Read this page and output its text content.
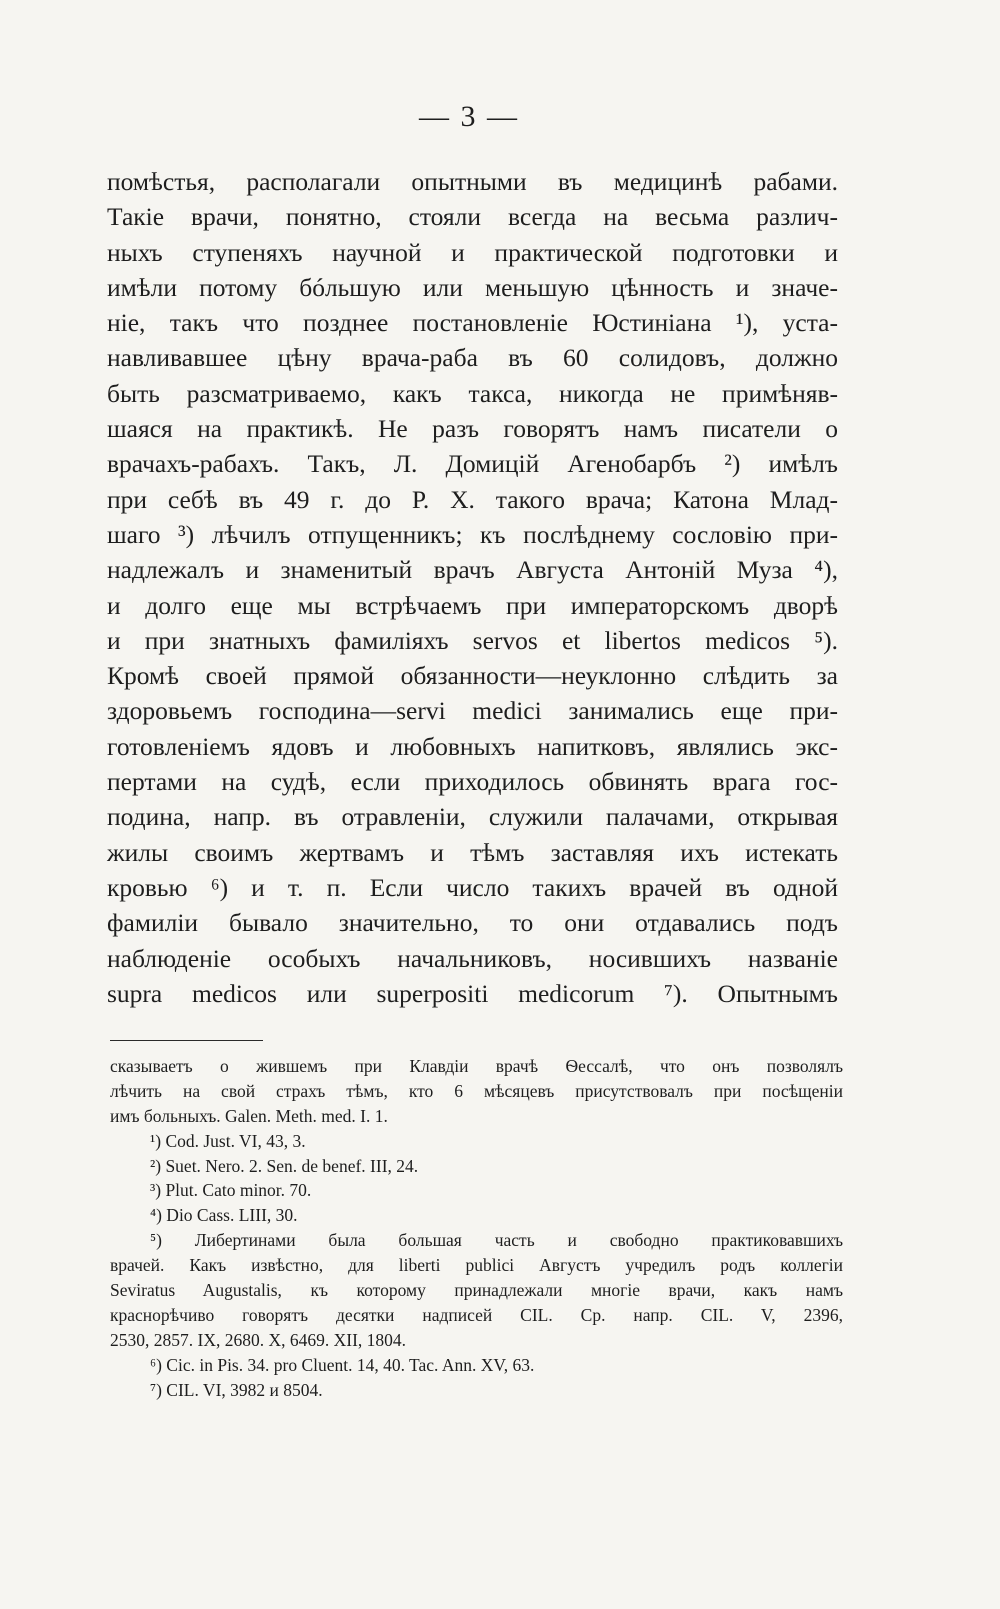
— 3 —
помѣстья, располагали опытными въ медицинѣ рабами.
Такіе врачи, понятно, стояли всегда на весьма различ-
ныхъ ступеняхъ научной и практической подготовки и
имѣли потому бóльшую или меньшую цѣнность и значе-
ніе, такъ что позднее постановленіе Юстиніана ¹), уста-
навливавшее цѣну врача-раба въ 60 солидовъ, должно
быть разсматриваемо, какъ такса, никогда не примѣняв-
шаяся на практикѣ. Не разъ говорятъ намъ писатели о
врачахъ-рабахъ. Такъ, Л. Домицій Агенобарбъ ²) имѣлъ
при себѣ въ 49 г. до Р. Х. такого врача; Катона Млад-
шаго ³) лѣчилъ отпущенникъ; къ послѣднему сословію при-
надлежалъ и знаменитый врачъ Августа Антоній Муза ⁴),
и долго еще мы встрѣчаемъ при императорскомъ дворѣ
и при знатныхъ фамиліяхъ servos et libertos medicos ⁵).
Кромѣ своей прямой обязанности—неуклонно слѣдить за
здоровьемъ господина—servi medici занимались еще при-
готовленіемъ ядовъ и любовныхъ напитковъ, являлись экс-
пертами на судѣ, если приходилось обвинять врага гос-
подина, напр. въ отравленіи, служили палачами, открывая
жилы своимъ жертвамъ и тѣмъ заставляя ихъ истекать
кровью ⁶) и т. п. Если число такихъ врачей въ одной
фамиліи бывало значительно, то они отдавались подъ
наблюденіе особыхъ начальниковъ, носившихъ названіе
supra medicos или superpositi medicorum ⁷). Опытнымъ
сказываетъ о жившемъ при Клавдіи врачѣ Ѳессалѣ, что онъ позволялъ
лѣчить на свой страхъ тѣмъ, кто 6 мѣсяцевъ присутствовалъ при посѣщеніи
имъ больныхъ. Galen. Meth. med. I. 1.
¹) Cod. Just. VI, 43, 3.
²) Suet. Nero. 2. Sen. de benef. III, 24.
³) Plut. Cato minor. 70.
⁴) Dio Cass. LIII, 30.
⁵) Либертинами была большая часть и свободно практиковавшихъ
врачей. Какъ извѣстно, для liberti publici Августъ учредилъ родъ коллегіи
Seviratus Augustalis, къ которому принадлежали многіе врачи, какъ намъ
краснорѣчиво говорятъ десятки надписей CIL. Ср. напр. CIL. V, 2396,
2530, 2857. IX, 2680. X, 6469. XII, 1804.
⁶) Cic. in Pis. 34. pro Cluent. 14, 40. Tac. Ann. XV, 63.
⁷) CIL. VI, 3982 и 8504.
